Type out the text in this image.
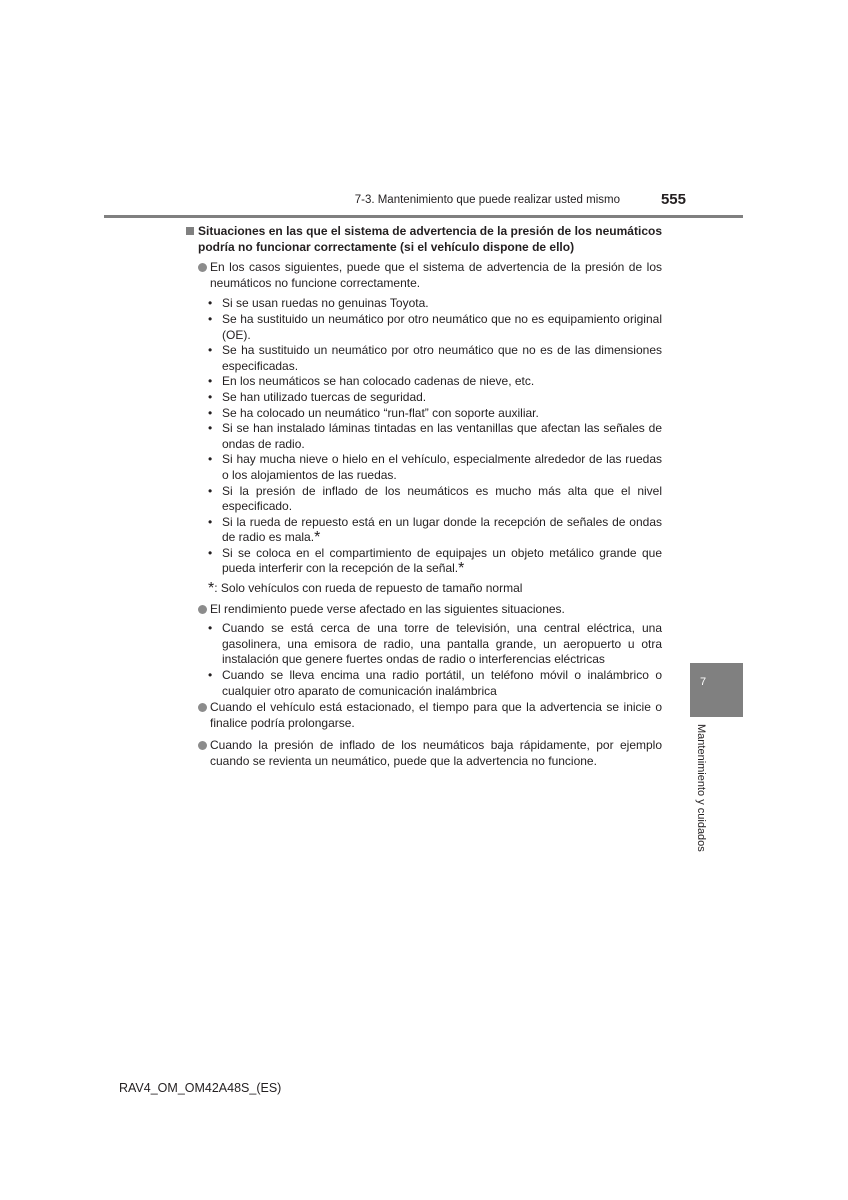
7-3. Mantenimiento que puede realizar usted mismo	555
Situaciones en las que el sistema de advertencia de la presión de los neumáticos podría no funcionar correctamente (si el vehículo dispone de ello)
En los casos siguientes, puede que el sistema de advertencia de la presión de los neumáticos no funcione correctamente.
• Si se usan ruedas no genuinas Toyota.
• Se ha sustituido un neumático por otro neumático que no es equipamiento original (OE).
• Se ha sustituido un neumático por otro neumático que no es de las dimensiones especificadas.
• En los neumáticos se han colocado cadenas de nieve, etc.
• Se han utilizado tuercas de seguridad.
• Se ha colocado un neumático “run-flat” con soporte auxiliar.
• Si se han instalado láminas tintadas en las ventanillas que afectan las señales de ondas de radio.
• Si hay mucha nieve o hielo en el vehículo, especialmente alrededor de las ruedas o los alojamientos de las ruedas.
• Si la presión de inflado de los neumáticos es mucho más alta que el nivel especificado.
• Si la rueda de repuesto está en un lugar donde la recepción de señales de ondas de radio es mala.*
• Si se coloca en el compartimiento de equipajes un objeto metálico grande que pueda interferir con la recepción de la señal.*
*: Solo vehículos con rueda de repuesto de tamaño normal
El rendimiento puede verse afectado en las siguientes situaciones.
• Cuando se está cerca de una torre de televisión, una central eléctrica, una gasolinera, una emisora de radio, una pantalla grande, un aeropuerto u otra instalación que genere fuertes ondas de radio o interferencias eléctricas
• Cuando se lleva encima una radio portátil, un teléfono móvil o inalámbrico o cualquier otro aparato de comunicación inalámbrica
Cuando el vehículo está estacionado, el tiempo para que la advertencia se inicie o finalice podría prolongarse.
Cuando la presión de inflado de los neumáticos baja rápidamente, por ejemplo cuando se revienta un neumático, puede que la advertencia no funcione.
7
Mantenimiento y cuidados
RAV4_OM_OM42A48S_(ES)
